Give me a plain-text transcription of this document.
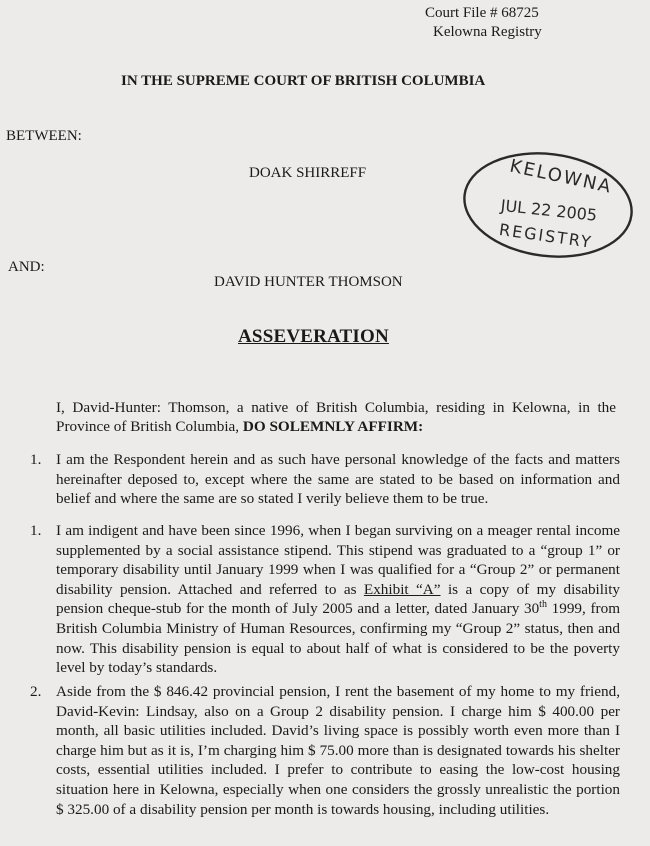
Court File # 68725
Kelowna Registry
IN THE SUPREME COURT OF BRITISH COLUMBIA
BETWEEN:
DOAK SHIRREFF
AND:
DAVID HUNTER THOMSON
KELOWNA
JUL 22 2005
REGISTRY
ASSEVERATION
I, David-Hunter: Thomson, a native of British Columbia, residing in Kelowna, in the Province of British Columbia, DO SOLEMNLY AFFIRM:
1. I am the Respondent herein and as such have personal knowledge of the facts and matters hereinafter deposed to, except where the same are stated to be based on information and belief and where the same are so stated I verily believe them to be true.
1. I am indigent and have been since 1996, when I began surviving on a meager rental income supplemented by a social assistance stipend. This stipend was graduated to a “group 1” or temporary disability until January 1999 when I was qualified for a “Group 2” or permanent disability pension. Attached and referred to as Exhibit “A” is a copy of my disability pension cheque-stub for the month of July 2005 and a letter, dated January 30th 1999, from British Columbia Ministry of Human Resources, confirming my “Group 2” status, then and now. This disability pension is equal to about half of what is considered to be the poverty level by today’s standards.
2. Aside from the $ 846.42 provincial pension, I rent the basement of my home to my friend, David-Kevin: Lindsay, also on a Group 2 disability pension. I charge him $ 400.00 per month, all basic utilities included. David’s living space is possibly worth even more than I charge him but as it is, I’m charging him $ 75.00 more than is designated towards his shelter costs, essential utilities included. I prefer to contribute to easing the low-cost housing situation here in Kelowna, especially when one considers the grossly unrealistic the portion $ 325.00 of a disability pension per month is towards housing, including utilities.
